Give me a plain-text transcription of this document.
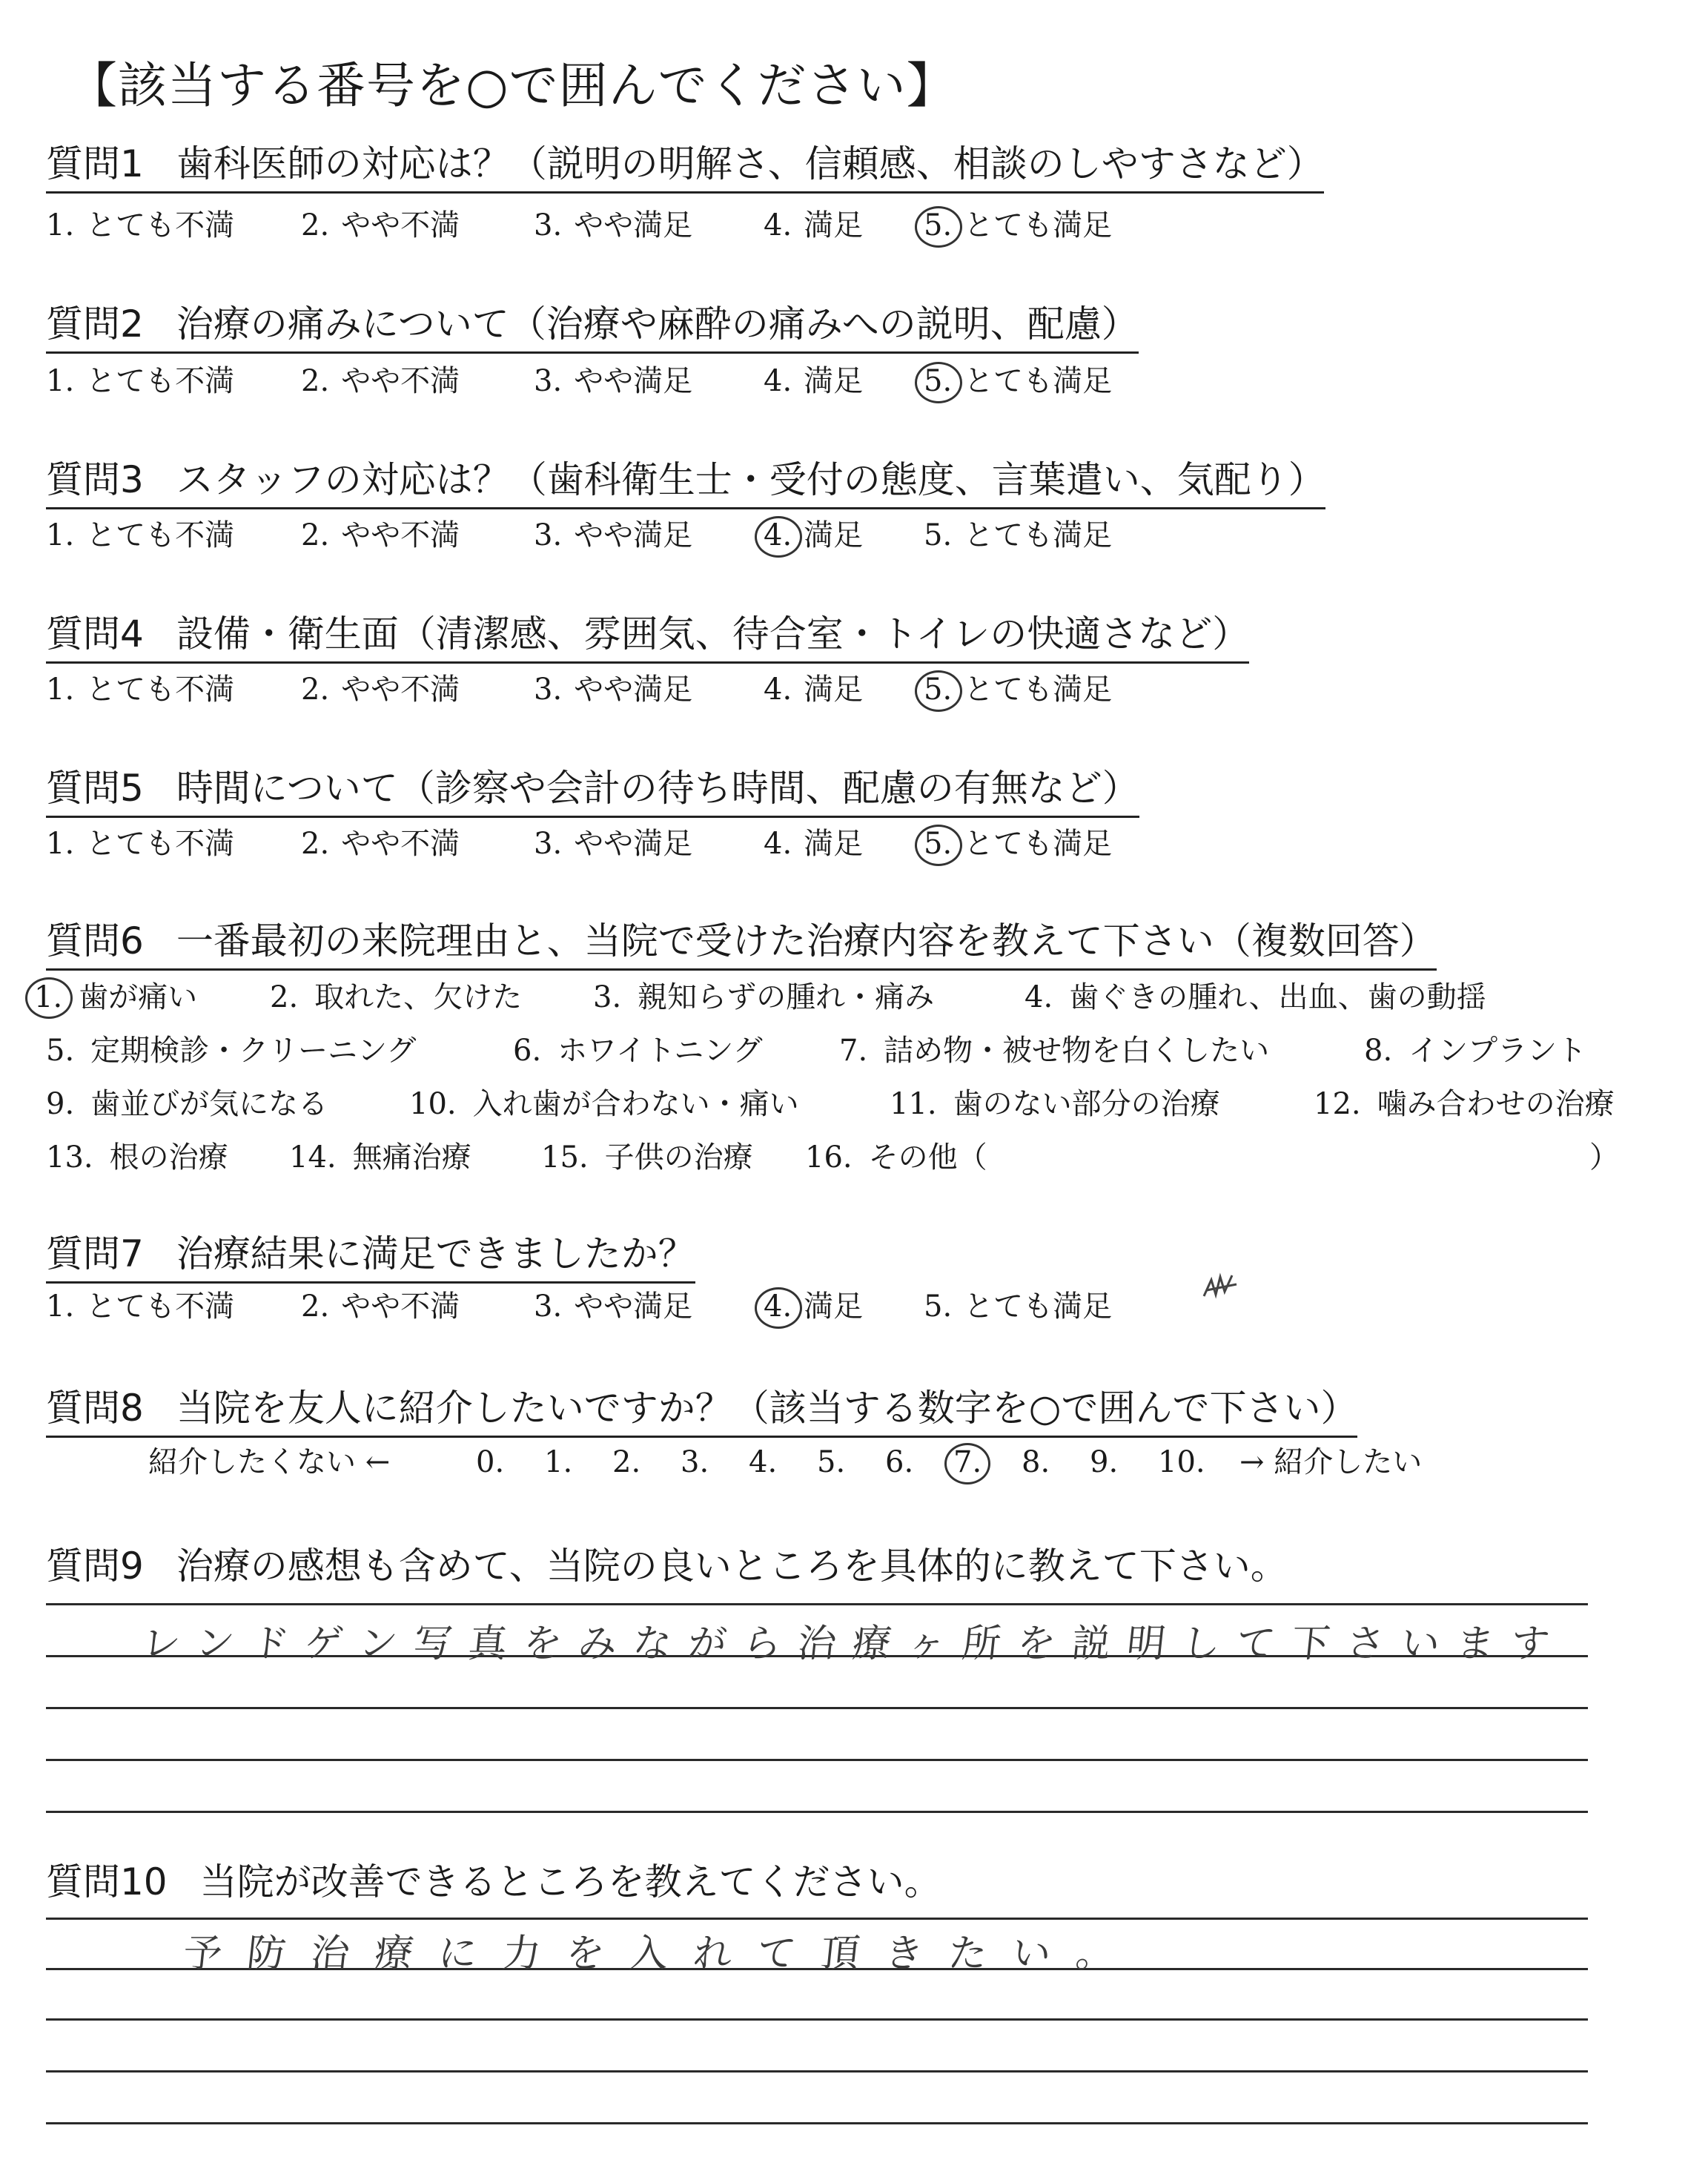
【該当する番号を○で囲んでください】
質問1 歯科医師の対応は？（説明の明解さ、信頼感、相談のしやすさなど）
1. とても不満 2. やや不満 3. やや満足 4. 満足 5. とても満足
質問2 治療の痛みについて（治療や麻酔の痛みへの説明、配慮）
1. とても不満 2. やや不満 3. やや満足 4. 満足 5. とても満足
質問3 スタッフの対応は？（歯科衛生士・受付の態度、言葉遣い、気配り）
1. とても不満 2. やや不満 3. やや満足 4. 満足 5. とても満足
質問4 設備・衛生面（清潔感、雰囲気、待合室・トイレの快適さなど）
1. とても不満 2. やや不満 3. やや満足 4. 満足 5. とても満足
質問5 時間について（診察や会計の待ち時間、配慮の有無など）
1. とても不満 2. やや不満 3. やや満足 4. 満足 5. とても満足
質問6 一番最初の来院理由と、当院で受けた治療内容を教えて下さい（複数回答）
1. 歯が痛い 2. 取れた、欠けた 3. 親知らずの腫れ・痛み	4. 歯ぐきの腫れ、出血、歯の動揺
5. 定期検診・クリーニング	6. ホワイトニング	7. 詰め物・被せ物を白くしたい	8. インプラント
9. 歯並びが気になる	10. 入れ歯が合わない・痛い	11. 歯のない部分の治療	12. 噛み合わせの治療
13. 根の治療 14. 無痛治療 15. 子供の治療 16. その他（	）
質問7 治療結果に満足できましたか？
1. とても不満 2. やや不満 3. やや満足 4. 満足 5. とても満足
質問8 当院を友人に紹介したいですか？（該当する数字を○で囲んで下さい）
紹介したくない ←	0. 1. 2. 3. 4. 5. 6. 7. 8. 9. 10. → 紹介したい
質問9 治療の感想も含めて、当院の良いところを具体的に教えて下さい。
レンドゲン写真をみながら治療ヶ所を説明して下さいます
質問10 当院が改善できるところを教えてください。
予防治療に力を入れて頂きたい。
